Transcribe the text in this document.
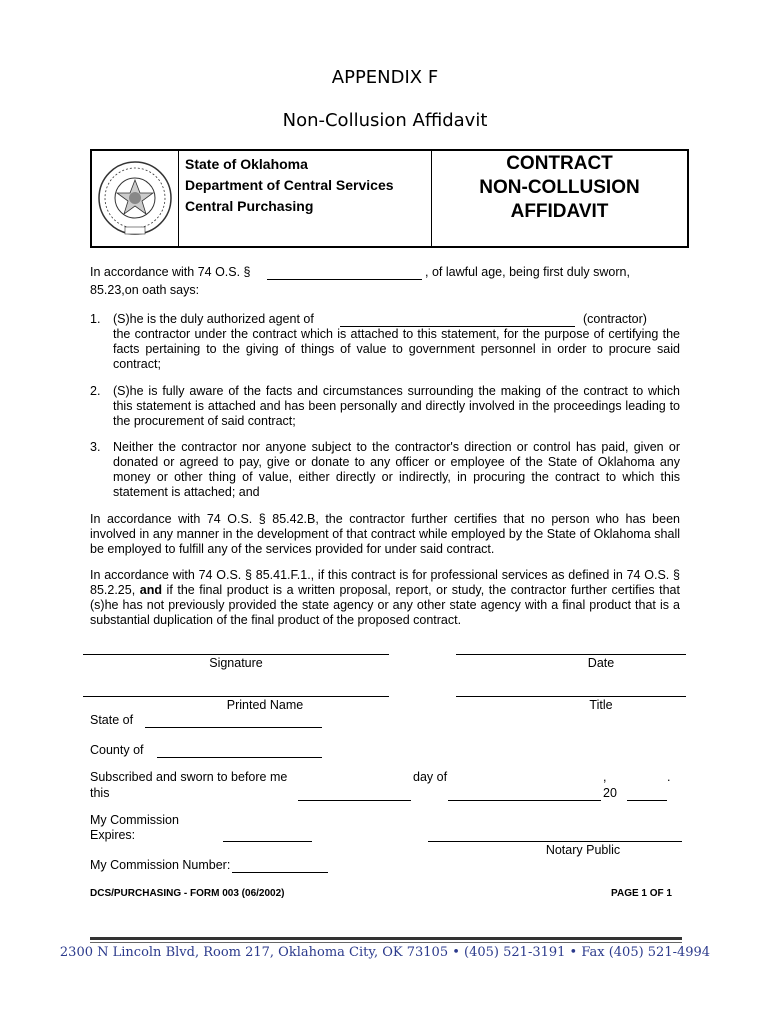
APPENDIX F
Non-Collusion Affidavit
State of Oklahoma
Department of Central Services
Central Purchasing
CONTRACT
NON-COLLUSION
AFFIDAVIT
In accordance with 74 O.S. §	, of lawful age, being first duly sworn,
85.23,on oath says:
1. (S)he is the duly authorized agent of	(contractor)
the contractor under the contract which is attached to this statement, for the purpose of certifying the facts pertaining to the giving of things of value to government personnel in order to procure said contract;
2. (S)he is fully aware of the facts and circumstances surrounding the making of the contract to which this statement is attached and has been personally and directly involved in the proceedings leading to the procurement of said contract;
3. Neither the contractor nor anyone subject to the contractor's direction or control has paid, given or donated or agreed to pay, give or donate to any officer or employee of the State of Oklahoma any money or other thing of value, either directly or indirectly, in procuring the contract to which this statement is attached; and
In accordance with 74 O.S. § 85.42.B, the contractor further certifies that no person who has been involved in any manner in the development of that contract while employed by the State of Oklahoma shall be employed to fulfill any of the services provided for under said contract.
In accordance with 74 O.S. § 85.41.F.1., if this contract is for professional services as defined in 74 O.S. § 85.2.25, and if the final product is a written proposal, report, or study, the contractor further certifies that (s)he has not previously provided the state agency or any other state agency with a final product that is a substantial duplication of the final product of the proposed contract.
Signature	Date
Printed Name	Title
State of
County of
Subscribed and sworn to before me
this
day of	,	.
20
My Commission
Expires:
Notary Public
My Commission Number:
DCS/PURCHASING - FORM 003 (06/2002)	PAGE 1 OF 1
2300 N Lincoln Blvd, Room 217, Oklahoma City, OK 73105 • (405) 521-3191 • Fax (405) 521-4994
